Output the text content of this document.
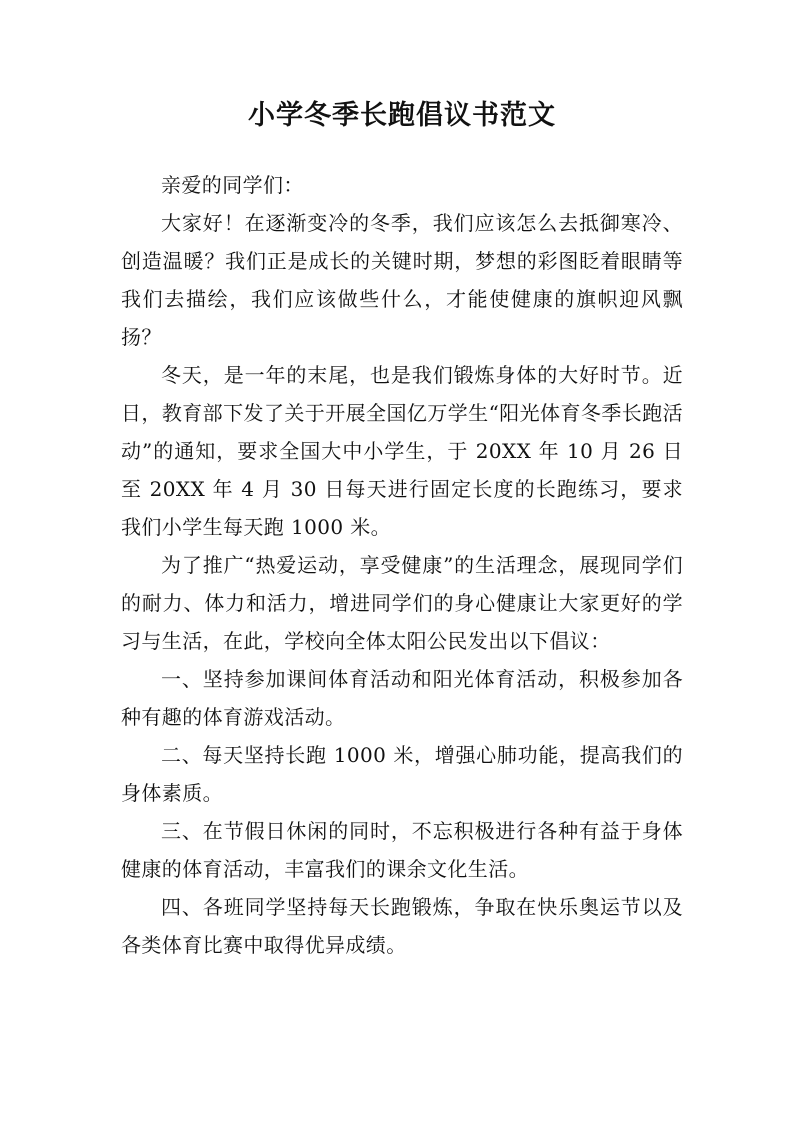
小学冬季长跑倡议书范文

亲爱的同学们：

大家好！在逐渐变冷的冬季，我们应该怎么去抵御寒冷、创造温暖？我们正是成长的关键时期，梦想的彩图眨着眼睛等我们去描绘，我们应该做些什么，才能使健康的旗帜迎风飘扬？

冬天，是一年的末尾，也是我们锻炼身体的大好时节。近日，教育部下发了关于开展全国亿万学生“阳光体育冬季长跑活动”的通知，要求全国大中小学生，于 20XX 年 10 月 26 日至 20XX 年 4 月 30 日每天进行固定长度的长跑练习，要求我们小学生每天跑 1000 米。

为了推广“热爱运动，享受健康”的生活理念，展现同学们的耐力、体力和活力，增进同学们的身心健康让大家更好的学习与生活，在此，学校向全体太阳公民发出以下倡议：

一、坚持参加课间体育活动和阳光体育活动，积极参加各种有趣的体育游戏活动。

二、每天坚持长跑 1000 米，增强心肺功能，提高我们的身体素质。

三、在节假日休闲的同时，不忘积极进行各种有益于身体健康的体育活动，丰富我们的课余文化生活。

四、各班同学坚持每天长跑锻炼，争取在快乐奥运节以及各类体育比赛中取得优异成绩。
